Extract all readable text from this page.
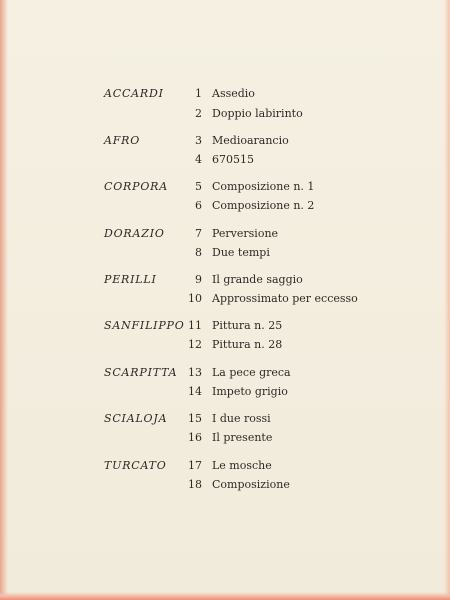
ACCARDI	1 Assedio
2 Doppio labirinto
AFRO	3 Medioarancio
4 670515
CORPORA	5 Composizione n. 1
6 Composizione n. 2
DORAZIO	7 Perversione
8 Due tempi
PERILLI	9 Il grande saggio
10 Approssimato per eccesso
SANFILIPPO 11 Pittura n. 25
12 Pittura n. 28
SCARPITTA 13 La pece greca
14 Impeto grigio
SCIALOJA 15 I due rossi
16 Il presente
TURCATO 17 Le mosche
18 Composizione
